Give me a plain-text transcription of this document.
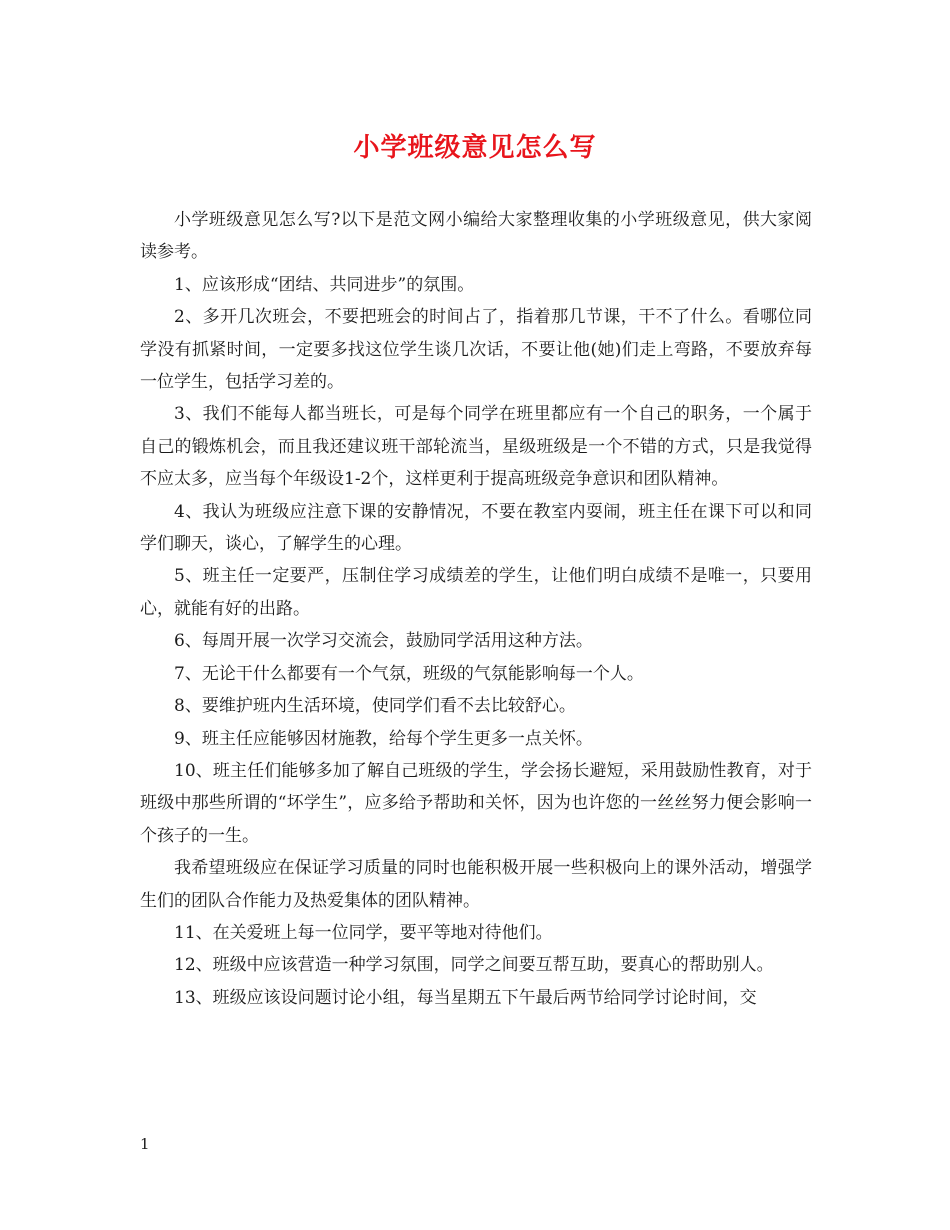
小学班级意见怎么写

小学班级意见怎么写?以下是范文网小编给大家整理收集的小学班级意见，供大家阅读参考。

1、应该形成“团结、共同进步”的氛围。

2、多开几次班会，不要把班会的时间占了，指着那几节课，干不了什么。看哪位同学没有抓紧时间，一定要多找这位学生谈几次话，不要让他(她)们走上弯路，不要放弃每一位学生，包括学习差的。

3、我们不能每人都当班长，可是每个同学在班里都应有一个自己的职务，一个属于自己的锻炼机会，而且我还建议班干部轮流当，星级班级是一个不错的方式，只是我觉得不应太多，应当每个年级设1-2个，这样更利于提高班级竞争意识和团队精神。

4、我认为班级应注意下课的安静情况，不要在教室内耍闹，班主任在课下可以和同学们聊天，谈心，了解学生的心理。

5、班主任一定要严，压制住学习成绩差的学生，让他们明白成绩不是唯一，只要用心，就能有好的出路。

6、每周开展一次学习交流会，鼓励同学活用这种方法。

7、无论干什么都要有一个气氛，班级的气氛能影响每一个人。

8、要维护班内生活环境，使同学们看不去比较舒心。

9、班主任应能够因材施教，给每个学生更多一点关怀。

10、班主任们能够多加了解自己班级的学生，学会扬长避短，采用鼓励性教育，对于班级中那些所谓的“坏学生”，应多给予帮助和关怀，因为也许您的一丝丝努力便会影响一个孩子的一生。

我希望班级应在保证学习质量的同时也能积极开展一些积极向上的课外活动，增强学生们的团队合作能力及热爱集体的团队精神。

11、在关爱班上每一位同学，要平等地对待他们。

12、班级中应该营造一种学习氛围，同学之间要互帮互助，要真心的帮助别人。

13、班级应该设问题讨论小组，每当星期五下午最后两节给同学讨论时间，交

1
